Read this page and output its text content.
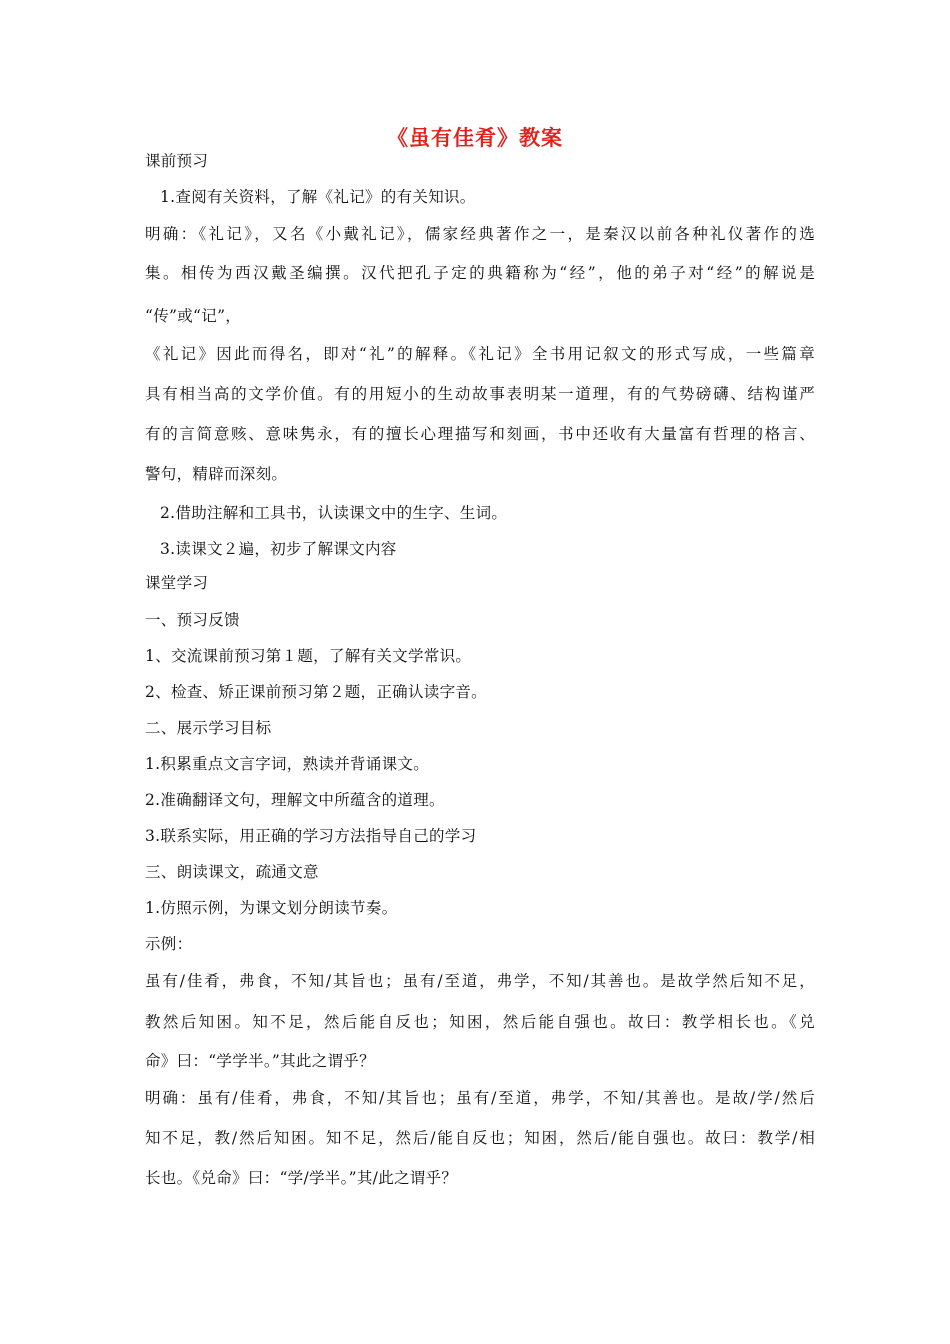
《虽有佳肴》教案
课前预习
1.查阅有关资料，了解《礼记》的有关知识。
明确：《礼记》，又名《小戴礼记》，儒家经典著作之一，是秦汉以前各种礼仪著作的选
集。相传为西汉戴圣编撰。汉代把孔子定的典籍称为“经”，他的弟子对“经”的解说是
“传”或“记”，
《礼记》因此而得名，即对“礼”的解释。《礼记》全书用记叙文的形式写成，一些篇章
具有相当高的文学价值。有的用短小的生动故事表明某一道理，有的气势磅礴、结构谨严
有的言简意赅、意味隽永，有的擅长心理描写和刻画，书中还收有大量富有哲理的格言、
警句，精辟而深刻。
2.借助注解和工具书，认读课文中的生字、生词。
3.读课文２遍，初步了解课文内容
课堂学习
一、预习反馈
1、交流课前预习第１题，了解有关文学常识。
2、检查、矫正课前预习第２题，正确认读字音。
二、展示学习目标
1.积累重点文言字词，熟读并背诵课文。
2.准确翻译文句，理解文中所蕴含的道理。
3.联系实际，用正确的学习方法指导自己的学习
三、朗读课文，疏通文意
1.仿照示例，为课文划分朗读节奏。
示例：
虽有/佳肴，弗食，不知/其旨也；虽有/至道，弗学，不知/其善也。是故学然后知不足，
教然后知困。知不足，然后能自反也；知困，然后能自强也。故曰：教学相长也。《兑
命》曰：“学学半。”其此之谓乎？
明确：虽有/佳肴，弗食，不知/其旨也；虽有/至道，弗学，不知/其善也。是故/学/然后
知不足，教/然后知困。知不足，然后/能自反也；知困，然后/能自强也。故曰：教学/相
长也。《兑命》曰：“学/学半。”其/此之谓乎？
